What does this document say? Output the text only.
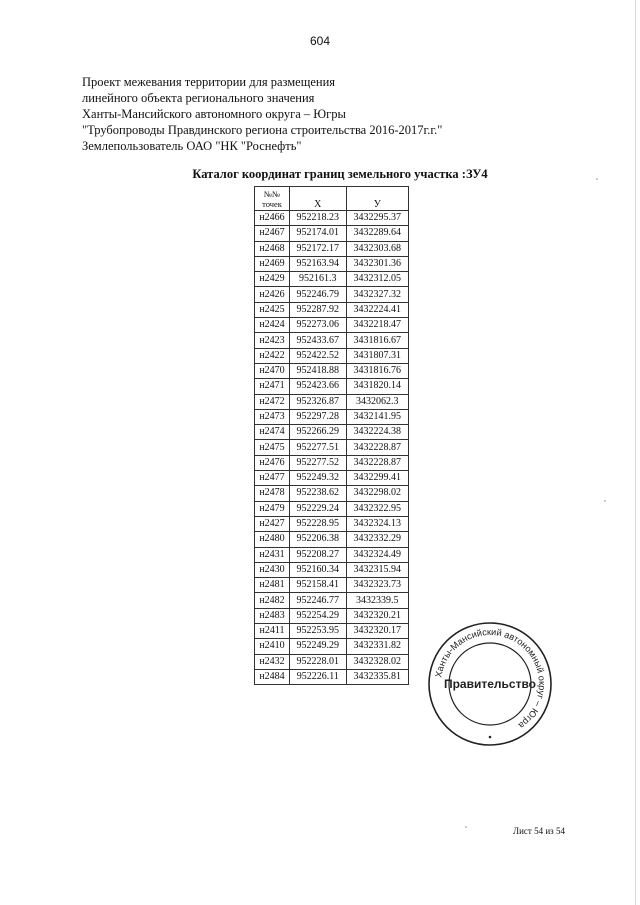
604
Проект межевания территории для размещения
линейного объекта регионального значения
Ханты-Мансийского автономного округа – Югры
"Трубопроводы Правдинского региона строительства 2016-2017г.г."
Землепользователь ОАО "НК "Роснефть"
Каталог координат границ земельного участка :ЗУ4
№№
точек	X	У
н2466	952218.23	3432295.37
н2467	952174.01	3432289.64
н2468	952172.17	3432303.68
н2469	952163.94	3432301.36
н2429	952161.3	3432312.05
н2426	952246.79	3432327.32
н2425	952287.92	3432224.41
н2424	952273.06	3432218.47
н2423	952433.67	3431816.67
н2422	952422.52	3431807.31
н2470	952418.88	3431816.76
н2471	952423.66	3431820.14
н2472	952326.87	3432062.3
н2473	952297.28	3432141.95
н2474	952266.29	3432224.38
н2475	952277.51	3432228.87
н2476	952277.52	3432228.87
н2477	952249.32	3432299.41
н2478	952238.62	3432298.02
н2479	952229.24	3432322.95
н2427	952228.95	3432324.13
н2480	952206.38	3432332.29
н2431	952208.27	3432324.49
н2430	952160.34	3432315.94
н2481	952158.41	3432323.73
н2482	952246.77	3432339.5
н2483	952254.29	3432320.21
н2411	952253.95	3432320.17
н2410	952249.29	3432331.82
н2432	952228.01	3432328.02
н2484	952226.11	3432335.81	Ханты-Мансийский автономный округ – Югра
Правительство
Лист 54 из 54
